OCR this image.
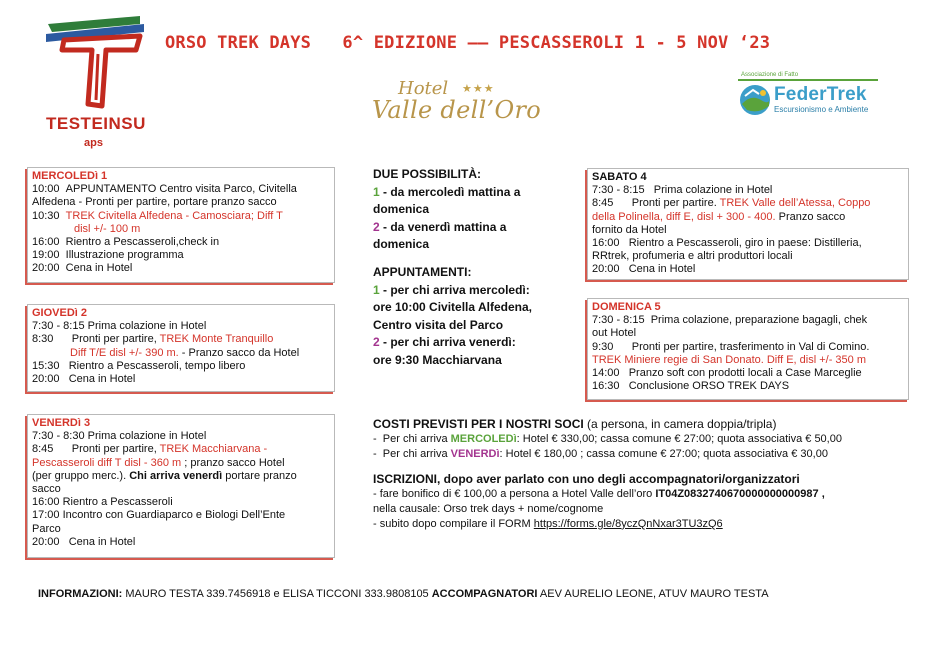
TESTEINSU
aps
ORSO TREK DAYS   6^ EDIZIONE —— PESCASSEROLI 1 - 5 NOV ‘23
Hotel ★★★
Valle dell’Oro
Associazione di Fatto
FederTrek
Escursionismo e Ambiente
MERCOLEDì 1
10:00 APPUNTAMENTO Centro visita Parco, Civitella
Alfedena - Pronti per partire, portare pranzo sacco
10:30 TREK Civitella Alfedena - Camosciara; Diff T
disl +/- 100 m
16:00 Rientro a Pescasseroli,check in
19:00 Illustrazione programma
20:00 Cena in Hotel
GIOVEDì 2
7:30 - 8:15 Prima colazione in Hotel
8:30 Pronti per partire, TREK Monte Tranquillo
Diff T/E disl +/- 390 m. - Pranzo sacco da Hotel
15:30 Rientro a Pescasseroli, tempo libero
20:00 Cena in Hotel
VENERDì 3
7:30 - 8:30 Prima colazione in Hotel
8:45 Pronti per partire, TREK Macchiarvana -
Pescasseroli diff T disl - 360 m ; pranzo sacco Hotel
(per gruppo merc.). Chi arriva venerdì portare pranzo
sacco
16:00 Rientro a Pescasseroli
17:00 Incontro con Guardiaparco e Biologi Dell’Ente
Parco
20:00 Cena in Hotel
SABATO 4
7:30 - 8:15 Prima colazione in Hotel
8:45 Pronti per partire. TREK Valle dell’Atessa, Coppo
della Polinella, diff E, disl + 300 - 400. Pranzo sacco
fornito da Hotel
16:00 Rientro a Pescasseroli, giro in paese: Distilleria,
RRtrek, profumeria e altri produttori locali
20:00 Cena in Hotel
DOMENICA 5
7:30 - 8:15 Prima colazione, preparazione bagagli, chek
out Hotel
9:30 Pronti per partire, trasferimento in Val di Comino.
TREK Miniere regie di San Donato. Diff E, disl +/- 350 m
14:00 Pranzo soft con prodotti locali a Case Marceglie
16:30 Conclusione ORSO TREK DAYS
DUE POSSIBILITÀ:
1 - da mercoledì mattina a
domenica
2 - da venerdì mattina a
domenica
APPUNTAMENTI:
1 - per chi arriva mercoledì:
ore 10:00 Civitella Alfedena,
Centro visita del Parco
2 - per chi arriva venerdì:
ore 9:30 Macchiarvana
COSTI PREVISTI PER I NOSTRI SOCI (a persona, in camera doppia/tripla)
-  Per chi arriva MERCOLEDì: Hotel € 330,00; cassa comune € 27:00; quota associativa € 50,00
-  Per chi arriva VENERDì: Hotel € 180,00 ; cassa comune € 27:00; quota associativa € 30,00
ISCRIZIONI, dopo aver parlato con uno degli accompagnatori/organizzatori
- fare bonifico di € 100,00 a persona a Hotel Valle dell’oro IT04Z0832740670000000000987 ,
nella causale: Orso trek days + nome/cognome
- subito dopo compilare il FORM https://forms.gle/8yczQnNxar3TU3zQ6
INFORMAZIONI: MAURO TESTA 339.7456918 e ELISA TICCONI 333.9808105 ACCOMPAGNATORI AEV AURELIO LEONE, ATUV MAURO TESTA
